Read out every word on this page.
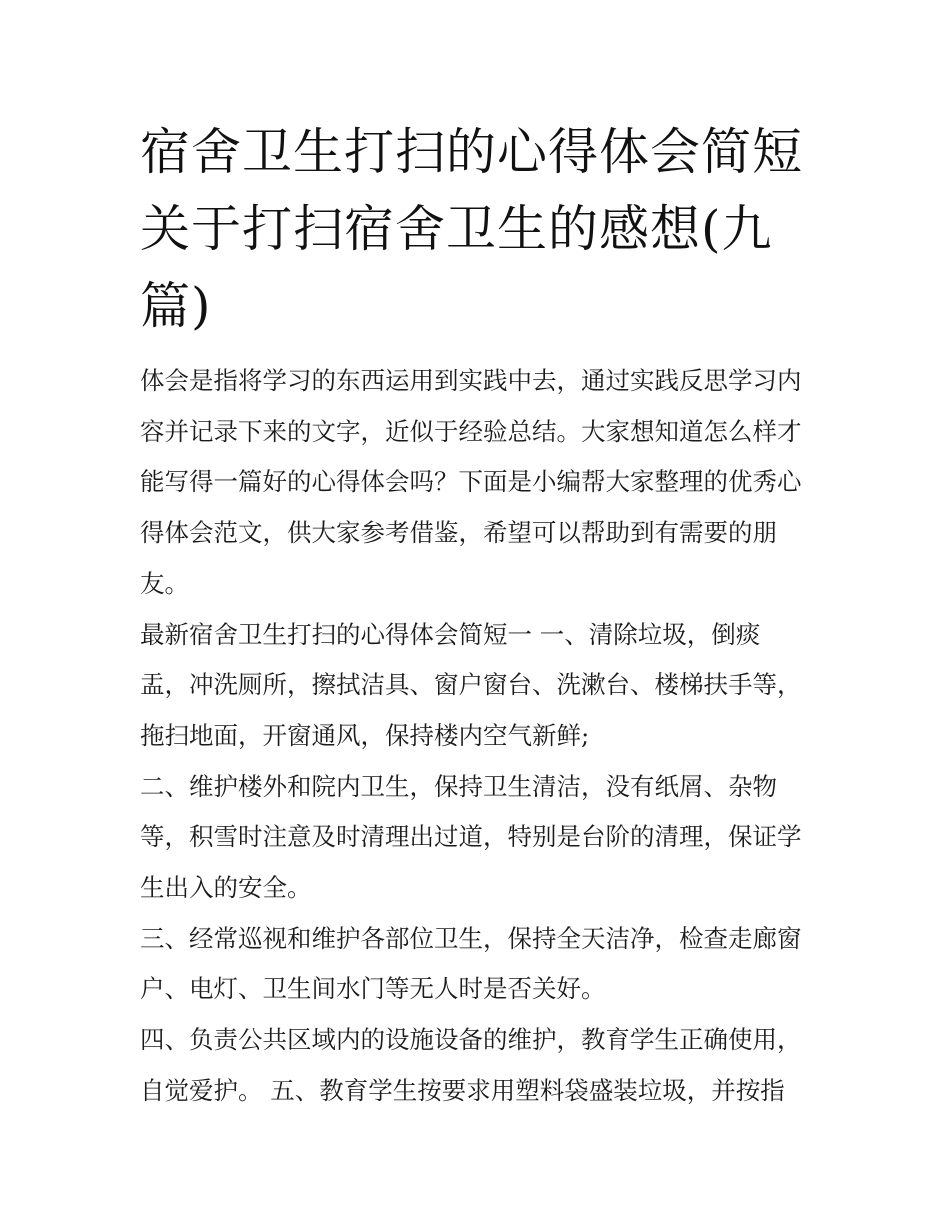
宿舍卫生打扫的心得体会简短
关于打扫宿舍卫生的感想(九
篇)

体会是指将学习的东西运用到实践中去，通过实践反思学习内
容并记录下来的文字，近似于经验总结。大家想知道怎么样才
能写得一篇好的心得体会吗？下面是小编帮大家整理的优秀心
得体会范文，供大家参考借鉴，希望可以帮助到有需要的朋
友。

最新宿舍卫生打扫的心得体会简短一 一、清除垃圾，倒痰
盂，冲洗厕所，擦拭洁具、窗户窗台、洗漱台、楼梯扶手等，
拖扫地面，开窗通风，保持楼内空气新鲜;

二、维护楼外和院内卫生，保持卫生清洁，没有纸屑、杂物
等，积雪时注意及时清理出过道，特别是台阶的清理，保证学
生出入的安全。

三、经常巡视和维护各部位卫生，保持全天洁净，检查走廊窗
户、电灯、卫生间水门等无人时是否关好。

四、负责公共区域内的设施设备的维护，教育学生正确使用，
自觉爱护。 五、教育学生按要求用塑料袋盛装垃圾，并按指
